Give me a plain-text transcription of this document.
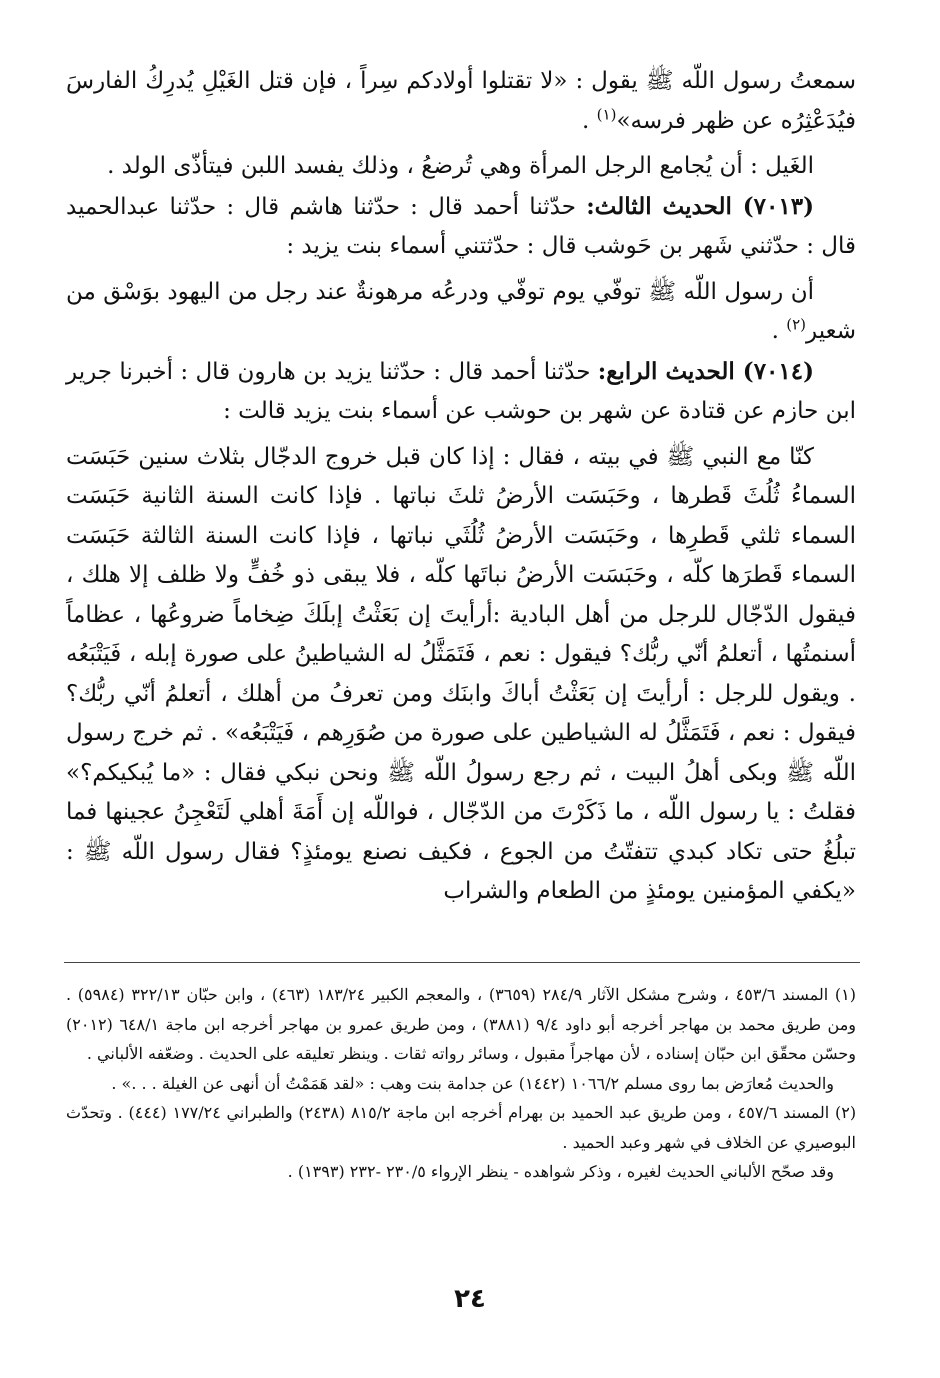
سمعتُ رسول اللّه ﷺ يقول : «لا تقتلوا أولادكم سِراً ، فإن قتل الغَيْلِ يُدرِكُ الفارسَ فيُدَعْثِرُه عن ظهر فرسه»$^{(١)}$ .

الغَيل : أن يُجامع الرجل المرأة وهي تُرضعُ ، وذلك يفسد اللبن فيتأذّى الولد .

(٧٠١٣) الحديث الثالث: حدّثنا أحمد قال : حدّثنا هاشم قال : حدّثنا عبدالحميد قال : حدّثني شَهر بن حَوشب قال : حدّثتني أسماء بنت يزيد :

أن رسول اللّه ﷺ توفّي يوم توفّي ودرعُه مرهونةٌ عند رجل من اليهود بوَسْق من شعير$^{(٢)}$ .

(٧٠١٤) الحديث الرابع: حدّثنا أحمد قال : حدّثنا يزيد بن هارون قال : أخبرنا جرير ابن حازم عن قتادة عن شهر بن حوشب عن أسماء بنت يزيد قالت :

كنّا مع النبي ﷺ في بيته ، فقال : إذا كان قبل خروج الدجّال بثلاث سنين حَبَسَت السماءُ ثُلُثَ قَطرها ، وحَبَسَت الأرضُ ثلثَ نباتها . فإذا كانت السنة الثانية حَبَسَت السماء ثلثي قَطرِها ، وحَبَسَت الأرضُ ثُلُثَي نباتها ، فإذا كانت السنة الثالثة حَبَسَت السماء قَطرَها كلّه ، وحَبَسَت الأرضُ نباتَها كلّه ، فلا يبقى ذو خُفٍّ ولا ظلف إلا هلك ، فيقول الدّجّال للرجل من أهل البادية :أرأيتَ إن بَعَثْتُ إبلَكَ ضِخاماً ضروعُها ، عظاماً أسنمتُها ، أتعلمُ أنّي ربُّك؟ فيقول : نعم ، فَتَمَثَّلُ له الشياطينُ على صورة إبله ، فَيَتْبَعُه . ويقول للرجل : أرأيتَ إن بَعَثْتُ أباكَ وابنَك ومن تعرفُ من أهلك ، أتعلمُ أنّي ربُّك؟ فيقول : نعم ، فَتَمَثَّلُ له الشياطين على صورة من صُوَرِهم ، فَيَتْبَعُه» . ثم خرج رسول اللّه ﷺ وبكى أهلُ البيت ، ثم رجع رسولُ اللّه ﷺ ونحن نبكي فقال : «ما يُبكيكم؟» فقلتُ : يا رسول اللّه ، ما ذَكَرْتَ من الدّجّال ، فواللّه إن أَمَةَ أهلي لَتَعْجِنُ عجينها فما تبلُغُ حتى تكاد كبدي تتفتّتُ من الجوع ، فكيف نصنع يومئذٍ؟ فقال رسول اللّه ﷺ : «يكفي المؤمنين يومئذٍ من الطعام والشراب

(١) المسند ٤٥٣/٦ ، وشرح مشكل الآثار ٢٨٤/٩ (٣٦٥٩) ، والمعجم الكبير ١٨٣/٢٤ (٤٦٣) ، وابن حبّان ٣٢٢/١٣ (٥٩٨٤) . ومن طريق محمد بن مهاجر أخرجه أبو داود ٩/٤ (٣٨٨١) ، ومن طريق عمرو بن مهاجر أخرجه ابن ماجة ٦٤٨/١ (٢٠١٢) وحسّن محقّق ابن حبّان إسناده ، لأن مهاجراً مقبول ، وسائر رواته ثقات . وينظر تعليقه على الحديث . وضعّفه الألباني .

والحديث مُعارَض بما روى مسلم ١٠٦٦/٢ (١٤٤٢) عن جدامة بنت وهب : «لقد هَمَمْتُ أن أنهى عن الغيلة . . .» .

(٢) المسند ٤٥٧/٦ ، ومن طريق عبد الحميد بن بهرام أخرجه ابن ماجة ٨١٥/٢ (٢٤٣٨) والطبراني ١٧٧/٢٤ (٤٤٤) . وتحدّث البوصيري عن الخلاف في شهر وعبد الحميد .

وقد صحّح الألباني الحديث لغيره ، وذكر شواهده - ينظر الإرواء ٢٣٠/٥ -٢٣٢ (١٣٩٣) .

٢٤
